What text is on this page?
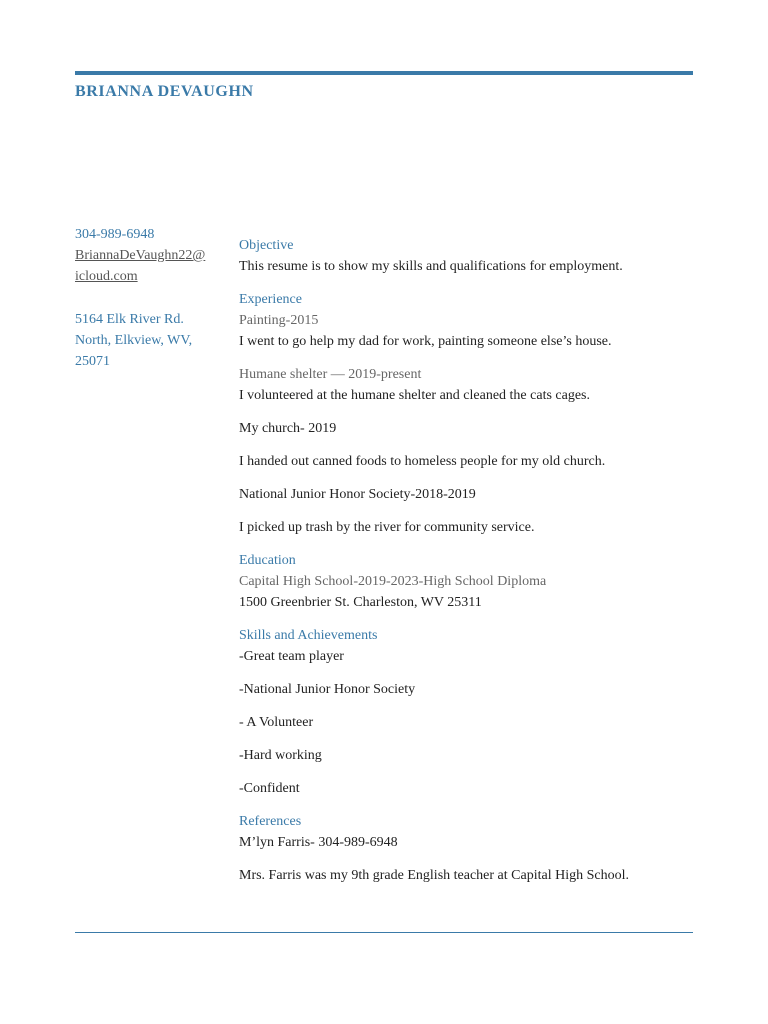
BRIANNA DEVAUGHN

304-989-6948

BriannaDeVaughn22@

icloud.com

5164 Elk River Rd.

North, Elkview, WV,

25071

Objective

This resume is to show my skills and qualifications for employment.

Experience

Painting-2015

I went to go help my dad for work, painting someone else’s house.

Humane shelter — 2019-present

I volunteered at the humane shelter and cleaned the cats cages.

My church- 2019

I handed out canned foods to homeless people for my old church.

National Junior Honor Society-2018-2019

I picked up trash by the river for community service.

Education

Capital High School-2019-2023-High School Diploma

1500 Greenbrier St. Charleston, WV 25311

Skills and Achievements

-Great team player

-National Junior Honor Society

- A Volunteer

-Hard working

-Confident

References

M’lyn Farris- 304-989-6948

Mrs. Farris was my 9th grade English teacher at Capital High School.
